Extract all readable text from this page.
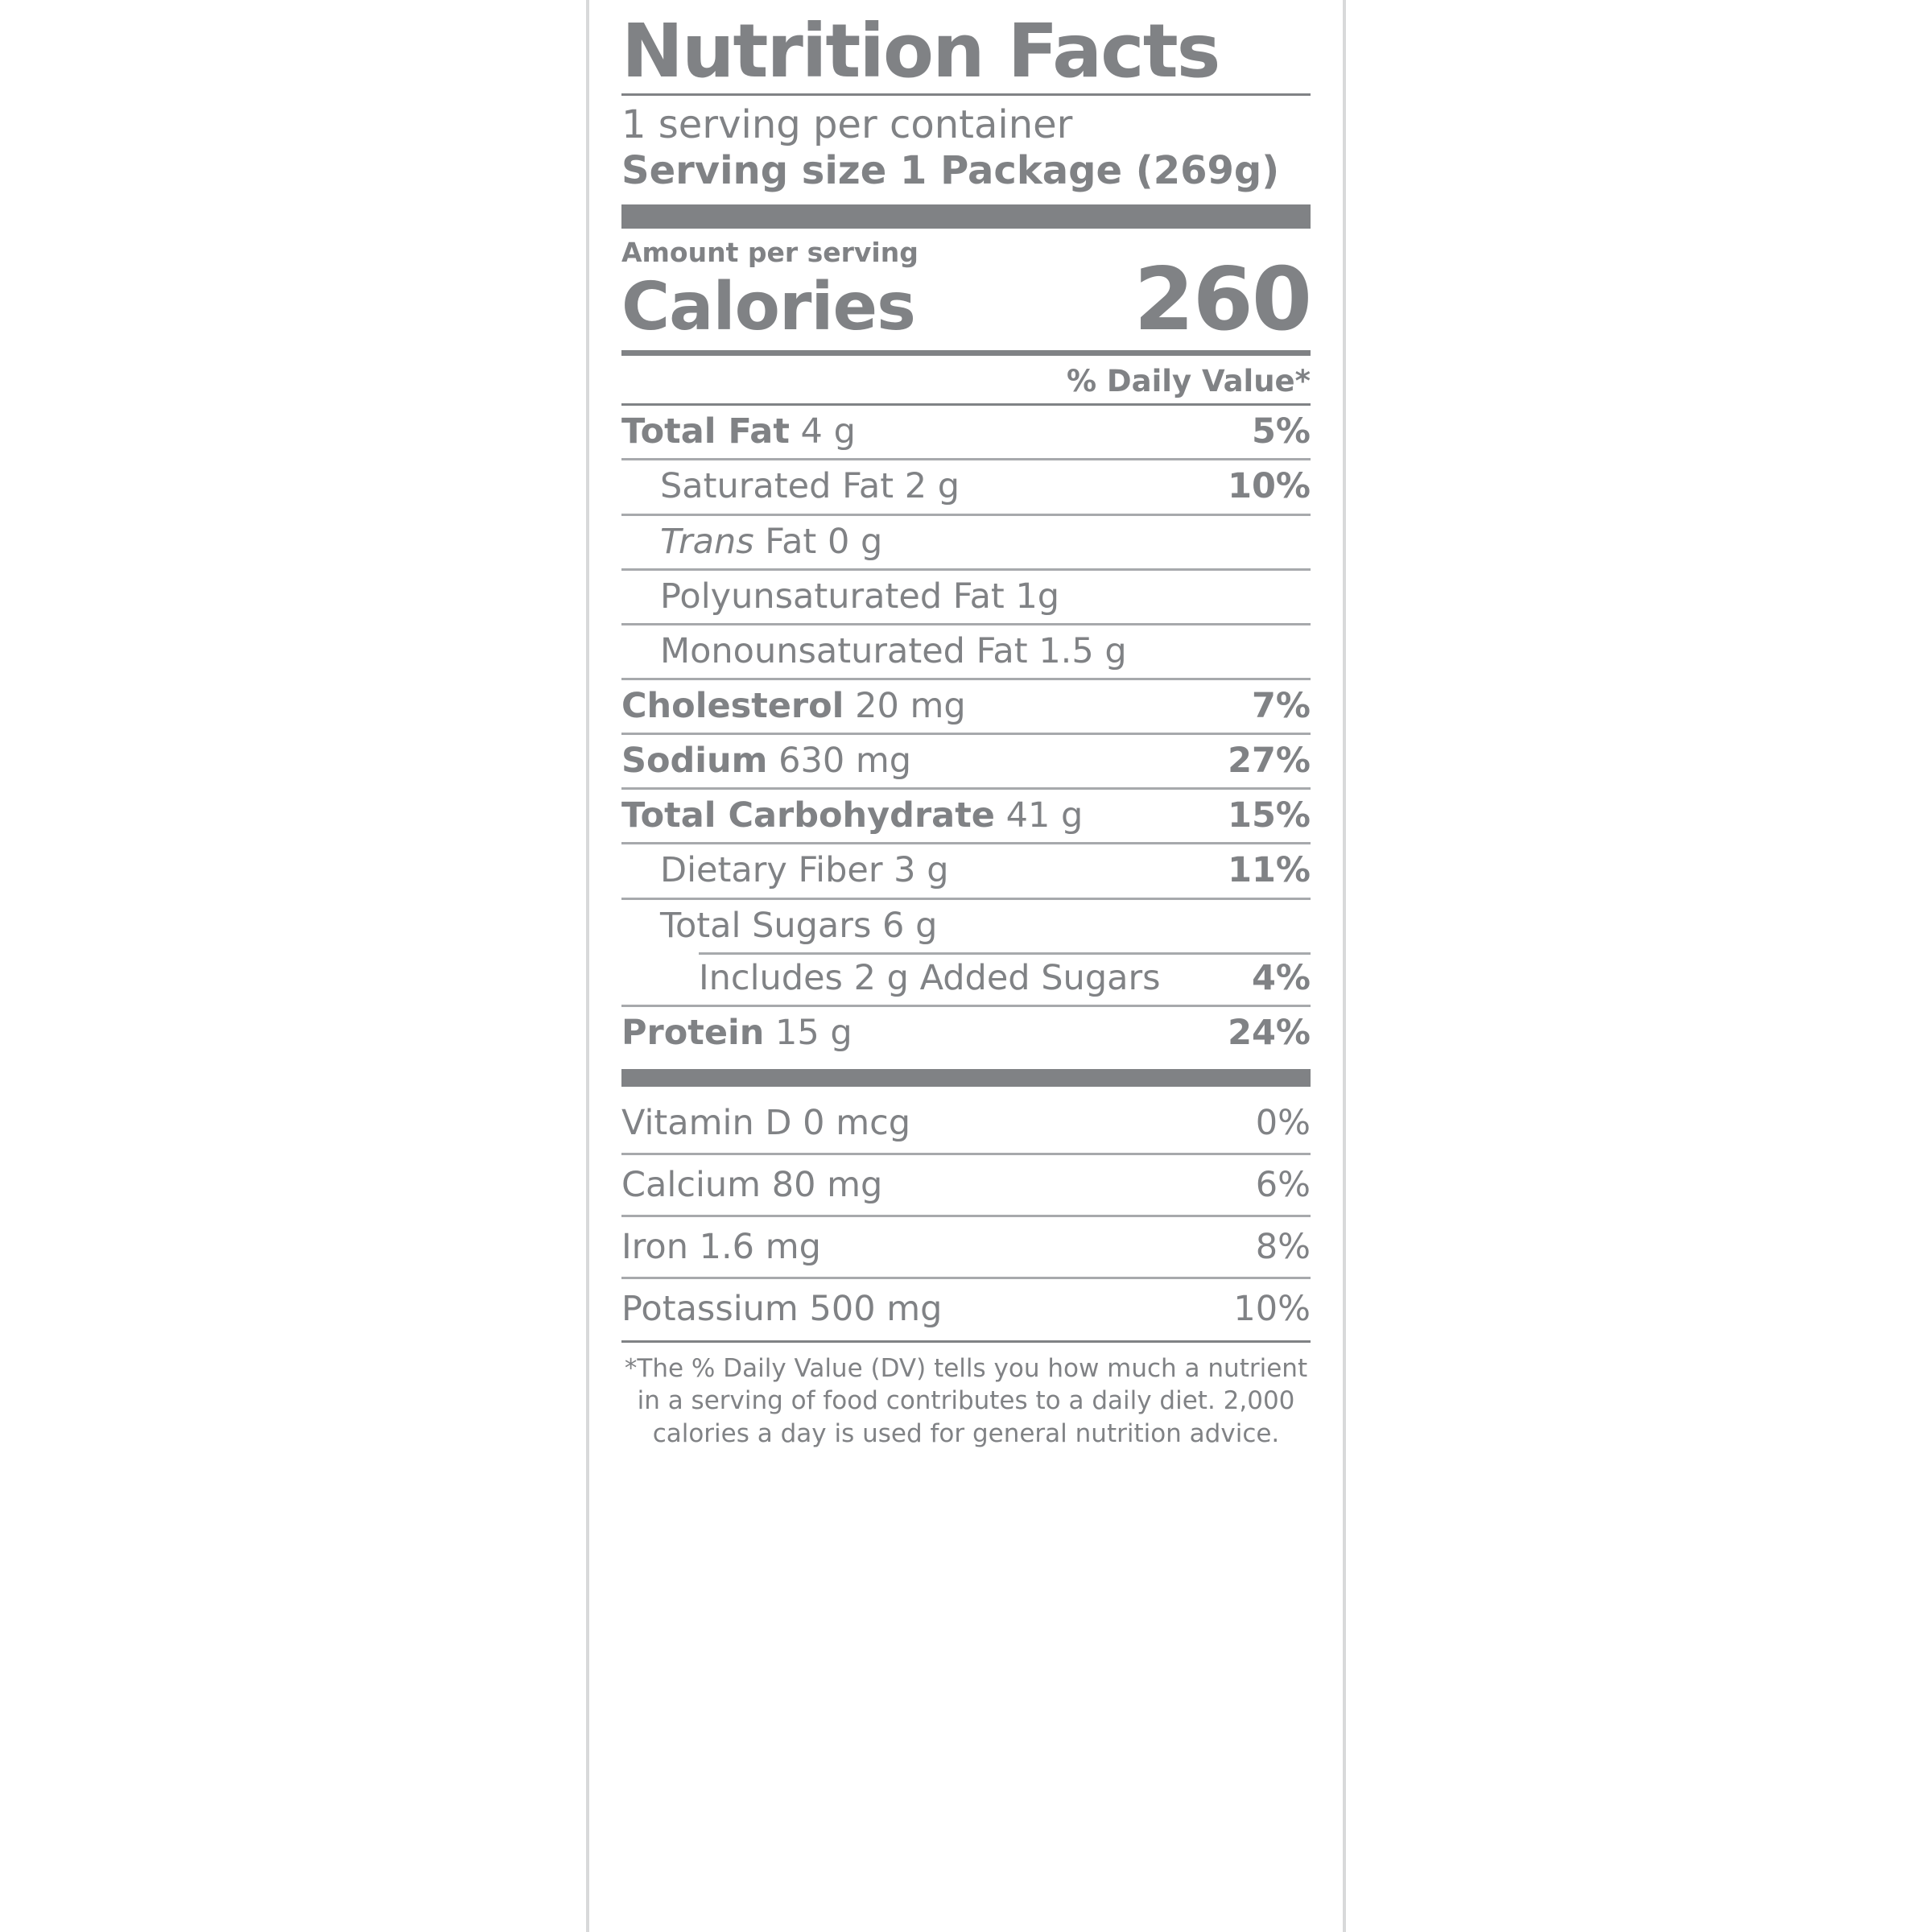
Nutrition Facts
1 serving per container
Serving size 1 Package (269g)
Amount per serving
Calories	260
% Daily Value*
Total Fat 4 g	5%
Saturated Fat 2 g	10%
Trans Fat 0 g
Polyunsaturated Fat 1g
Monounsaturated Fat 1.5 g
Cholesterol 20 mg	7%
Sodium 630 mg	27%
Total Carbohydrate 41 g	15%
Dietary Fiber 3 g	11%
Total Sugars 6 g
Includes 2 g Added Sugars	4%
Protein 15 g	24%
Vitamin D 0 mcg	0%
Calcium 80 mg	6%
Iron 1.6 mg	8%
Potassium 500 mg	10%

*The % Daily Value (DV) tells you how much a nutrient

in a serving of food contributes to a daily diet. 2,000

calories a day is used for general nutrition advice.
